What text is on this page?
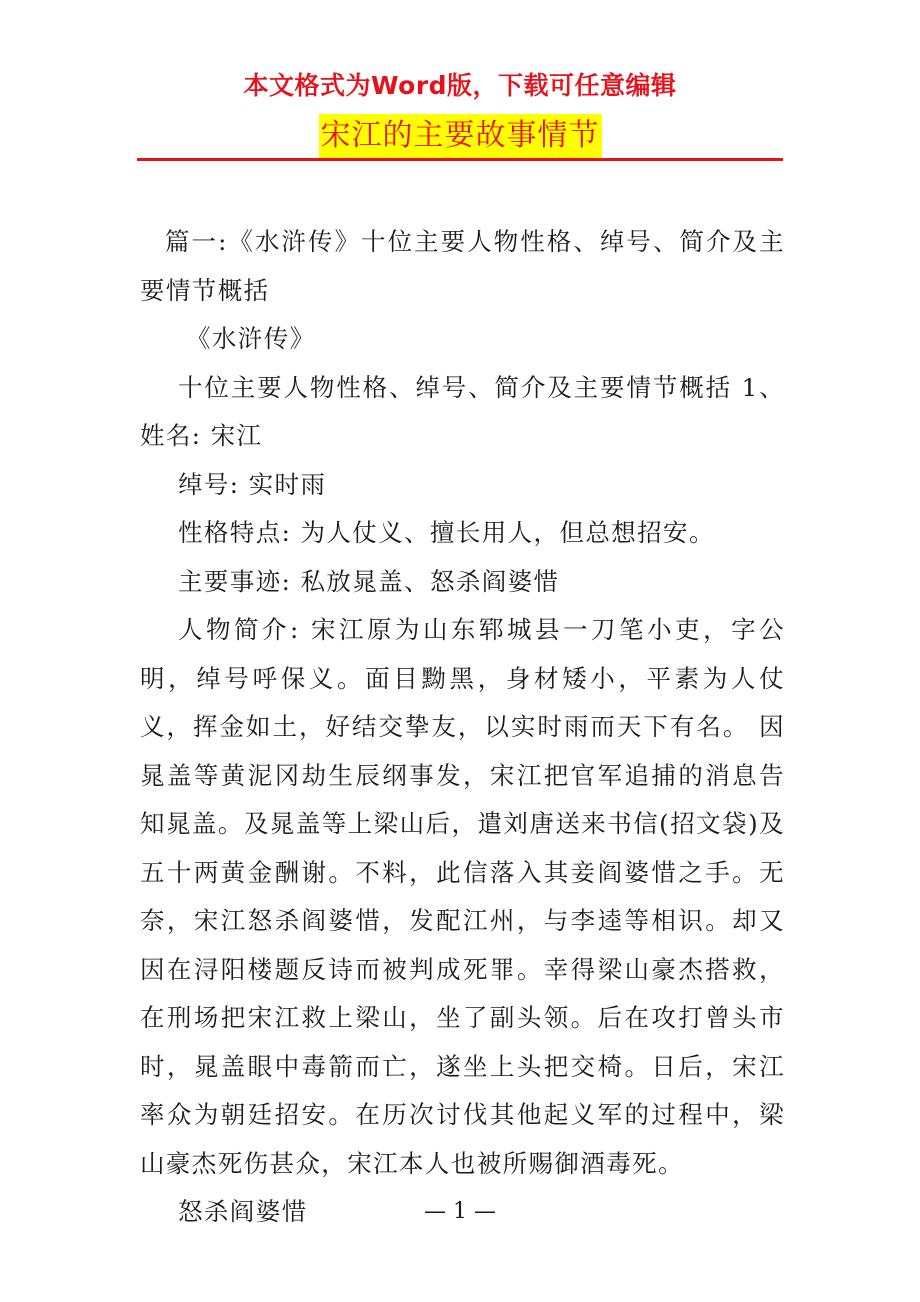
本文格式为Word版，下载可任意编辑
宋江的主要故事情节

篇一:《水浒传》十位主要人物性格、绰号、简介及主要情节概括

《水浒传》

十位主要人物性格、绰号、简介及主要情节概括 1、姓名: 宋江

绰号: 实时雨

性格特点: 为人仗义、擅长用人，但总想招安。

主要事迹: 私放晁盖、怒杀阎婆惜

人物简介: 宋江原为山东郓城县一刀笔小吏，字公明，绰号呼保义。面目黝黑，身材矮小，平素为人仗义，挥金如土，好结交挚友，以实时雨而天下有名。 因晁盖等黄泥冈劫生辰纲事发，宋江把官军追捕的消息告知晁盖。及晁盖等上梁山后，遣刘唐送来书信(招文袋)及五十两黄金酬谢。不料，此信落入其妾阎婆惜之手。无奈，宋江怒杀阎婆惜，发配江州，与李逵等相识。却又因在浔阳楼题反诗而被判成死罪。幸得梁山豪杰搭救，在刑场把宋江救上梁山，坐了副头领。后在攻打曾头市时，晁盖眼中毒箭而亡，遂坐上头把交椅。日后，宋江率众为朝廷招安。在历次讨伐其他起义军的过程中，梁山豪杰死伤甚众，宋江本人也被所赐御酒毒死。

怒杀阎婆惜	— 1 —
